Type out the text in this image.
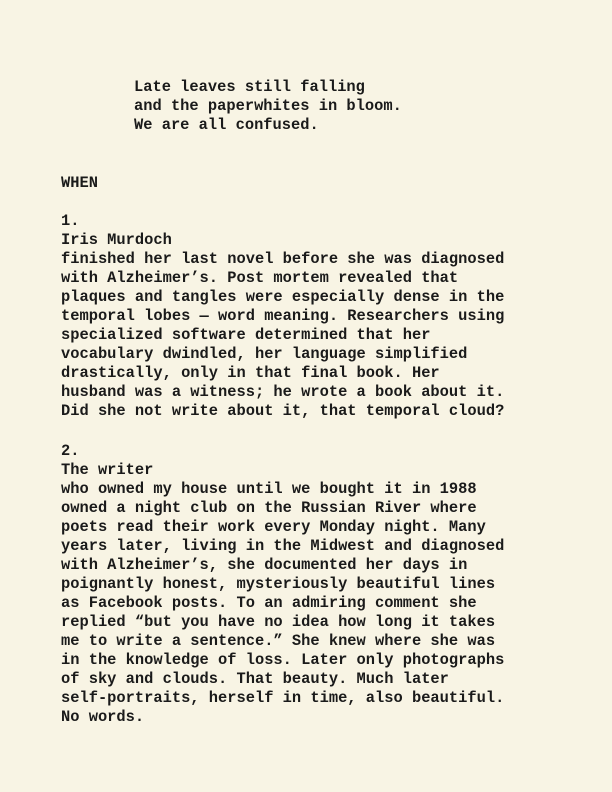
Late leaves still falling
and the paperwhites in bloom.
We are all confused.
WHEN
1.
Iris Murdoch
finished her last novel before she was diagnosed
with Alzheimer’s. Post mortem revealed that
plaques and tangles were especially dense in the
temporal lobes — word meaning. Researchers using
specialized software determined that her
vocabulary dwindled, her language simplified
drastically, only in that final book. Her
husband was a witness; he wrote a book about it.
Did she not write about it, that temporal cloud?
2.
The writer
who owned my house until we bought it in 1988
owned a night club on the Russian River where
poets read their work every Monday night. Many
years later, living in the Midwest and diagnosed
with Alzheimer’s, she documented her days in
poignantly honest, mysteriously beautiful lines
as Facebook posts. To an admiring comment she
replied “but you have no idea how long it takes
me to write a sentence.” She knew where she was
in the knowledge of loss. Later only photographs
of sky and clouds. That beauty. Much later
self-portraits, herself in time, also beautiful.
No words.
